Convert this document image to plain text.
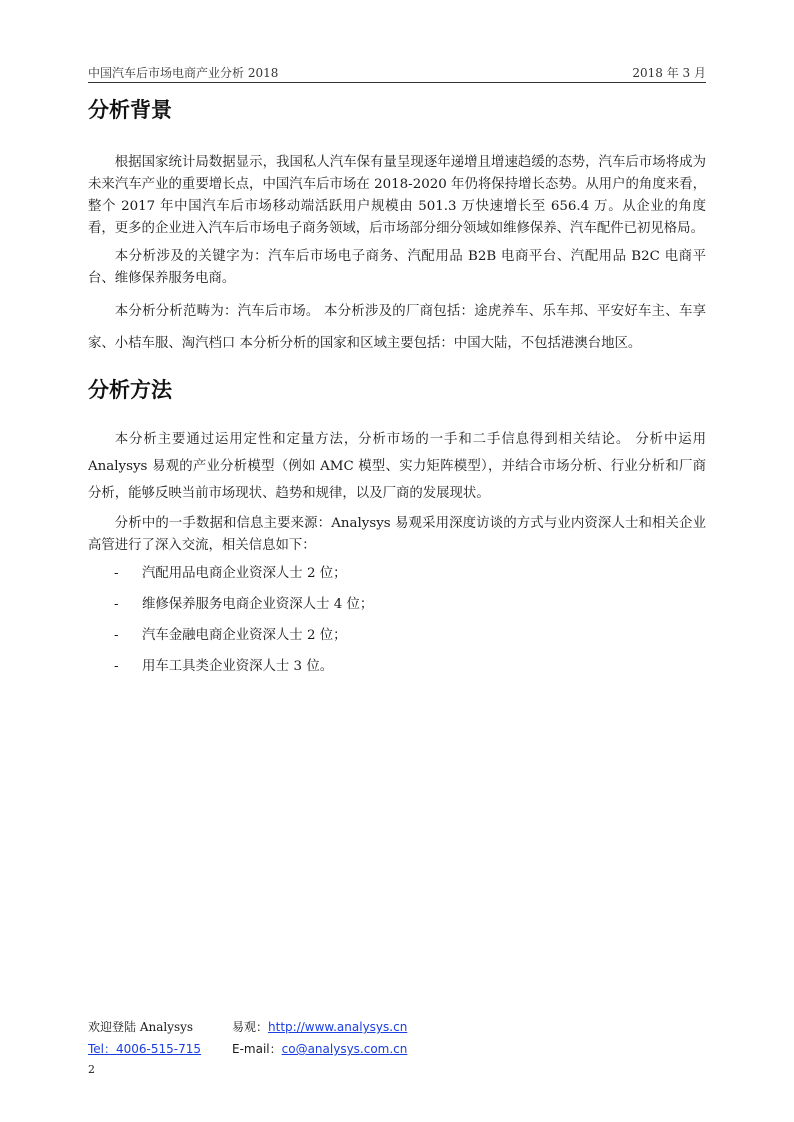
中国汽车后市场电商产业分析 2018	2018 年 3 月
分析背景

根据国家统计局数据显示，我国私人汽车保有量呈现逐年递增且增速趋缓的态势，汽车后市场将成为未来汽车产业的重要增长点，中国汽车后市场在 2018-2020 年仍将保持增长态势。从用户的角度来看，整个 2017 年中国汽车后市场移动端活跃用户规模由 501.3 万快速增长至 656.4 万。从企业的角度看，更多的企业进入汽车后市场电子商务领域，后市场部分细分领域如维修保养、汽车配件已初见格局。

本分析涉及的关键字为：汽车后市场电子商务、汽配用品 B2B 电商平台、汽配用品 B2C 电商平台、维修保养服务电商。

本分析分析范畴为：汽车后市场。 本分析涉及的厂商包括：途虎养车、乐车邦、平安好车主、车享家、小桔车服、淘汽档口 本分析分析的国家和区域主要包括：中国大陆，不包括港澳台地区。

分析方法

本分析主要通过运用定性和定量方法，分析市场的一手和二手信息得到相关结论。 分析中运用 Analysys 易观的产业分析模型（例如 AMC 模型、实力矩阵模型），并结合市场分析、行业分析和厂商分析，能够反映当前市场现状、趋势和规律，以及厂商的发展现状。

分析中的一手数据和信息主要来源：Analysys 易观采用深度访谈的方式与业内资深人士和相关企业高管进行了深入交流，相关信息如下：

- 汽配用品电商企业资深人士 2 位；
- 维修保养服务电商企业资深人士 4 位；
- 汽车金融电商企业资深人士 2 位；
- 用车工具类企业资深人士 3 位。
欢迎登陆 Analysys	易观：http://www.analysys.cn
Tel：4006-515-715	E-mail：co@analysys.com.cn
2
